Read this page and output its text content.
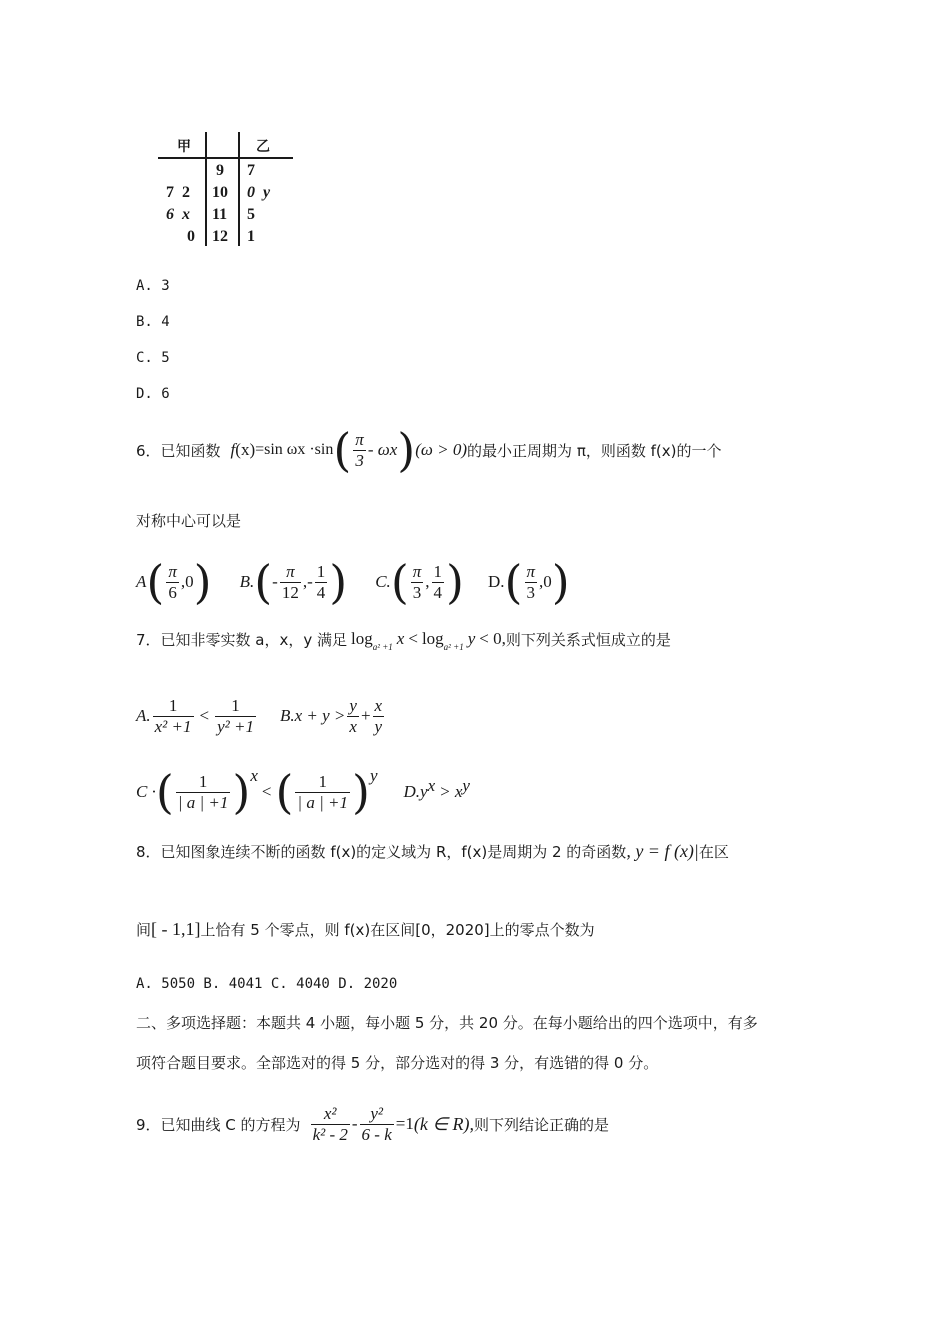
甲	乙
9 7
7  2 10 0  y
6  x 11 5
0 12 1
A. 3
B. 4
C. 5
D. 6
6．已知函数 f (x) =sin ωx ·sin ( $\frac{\pi}{3}$ - ωx ) (ω > 0) 的最小正周期为 π，则函数 f(x)的一个
对称中心可以是
A ( $\frac{\pi}{6} ,0$ ) B. ( - $\frac{\pi}{12}$ ,- $\frac{1}{4}$ ) C. ( $\frac{\pi}{3}$ , $\frac{1}{4}$ ) D. ( $\frac{\pi}{3} ,0$ )
7．已知非零实数 a，x，y 满足 $\log_{a^2 +1} x < \log_{a^2 +1} y < 0$, 则下列关系式恒成立的是
A. $\frac{1}{\text{x² +1}} < \frac{1}{\text{y² +1}} B.x + y > \frac{y}{x} + \frac{x}{y}$
C · ( $\frac{1}{| a | +1} )^x$
< ( $\frac{1}{| a | +1} )^y$
$D.y^x > x^y$
8．已知图象连续不断的函数 f(x)的定义域为 R，f(x)是周期为 2 的奇函数 , y = f (x)| 在区
间 [ - 1,1] 上恰有 5 个零点，则 f(x)在区间[0，2020]上的零点个数为
A. 5050 B. 4041 C. 4040 D. 2020
二、多项选择题：本题共 4 小题，每小题 5 分，共 20 分。在每小题给出的四个选项中，有多
项符合题目要求。全部选对的得 5 分，部分选对的得 3 分，有选错的得 0 分。
9．已知曲线 C 的方程为 $\frac{\text{x²}}{\text{k² - 2}} - \frac{\text{y²}}{6 - k} =1$ (k ∈ R), 则下列结论正确的是
